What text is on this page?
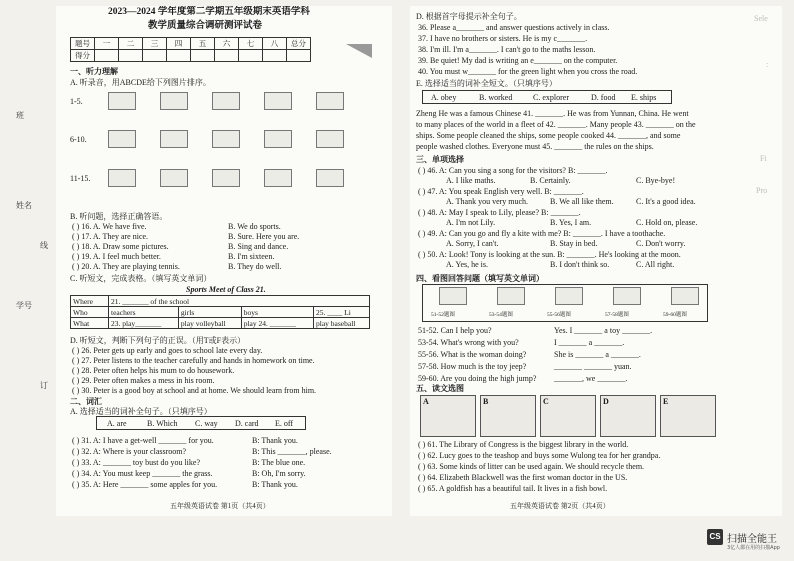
班
姓名
学号
线
订
2023—2024 学年度第二学期五年级期末英语学科
教学质量综合调研测评试卷
题号	一	二	三	四	五	六	七	八	总分
得分									
一、听力理解
A. 听录音，用ABCDE给下列图片排序。
1-5.
6-10.
11-15.
B. 听问题，选择正确答语。
( ) 16. A. We have five.	B. We do sports.
( ) 17. A. They are nice.	B. Sure. Here you are.
( ) 18. A. Draw some pictures.	B. Sing and dance.
( ) 19. A. I feel much better.	B. I'm sixteen.
( ) 20. A. They are playing tennis.	B. They do well.
C. 听短文，完成表格。（填写英文单词）
Sports Meet of Class 21.
Where	21. _______ of the school			
Who	teachers	girls	boys	25. ____ Li
What	23. play_______	play volleyball	play 24. _______	play baseball
D. 听短文，判断下列句子的正误。（用T或F表示）
( ) 26. Peter gets up early and goes to school late every day.
( ) 27. Peter listens to the teacher carefully and hands in homework on time.
( ) 28. Peter often helps his mum to do housework.
( ) 29. Peter often makes a mess in his room.
( ) 30. Peter is a good boy at school and at home. We should learn from him.
二、词汇
A. 选择适当的词补全句子。（只填序号）
A. are	B. Which C. way D. card E. off
( ) 31. A: I have a get-well _______ for you.	B: Thank you.
( ) 32. A: Where is your classroom?	B: This _______, please.
( ) 33. A: _______ toy bust do you like?	B: The blue one.
( ) 34. A: You must keep _______ the grass.	B: Oh, I'm sorry.
( ) 35. A: Here _______ some apples for you.	B: Thank you.
五年级英语试卷 第1页（共4页）
D. 根据首字母提示补全句子。
36. Please a_______ and answer questions actively in class.
37. I have no brothers or sisters. He is my c_______.
38. I'm ill. I'm a_______. I can't go to the maths lesson.
39. Be quiet! My dad is writing an e_______ on the computer.
40. You must w_______ for the green light when you cross the road.
E. 选择适当的词补全短文。（只填序号）
A. obey	B. worked	C. explorer	D. food E. ships
Zheng He was a famous Chinese 41. _______. He was from Yunnan, China. He went
to many places of the world in a fleet of 42. _______. Many people 43. _______ on the
ships. Some people cleaned the ships, some people cooked 44. _______, and some
people washed clothes. Everyone must 45. _______ the rules on the ships.
三、单项选择
( ) 46. A: Can you sing a song for the visitors? B: _______.
A. I like maths.	B. Certainly.	C. Bye-bye!
( ) 47. A: You speak English very well. B: _______.
A. Thank you very much.	B. We all like them.	C. It's a good idea.
( ) 48. A: May I speak to Lily, please? B: _______.
A. I'm not Lily.	B. Yes, I am.	C. Hold on, please.
( ) 49. A: Can you go and fly a kite with me? B: _______. I have a toothache.
A. Sorry, I can't.	B. Stay in bed.	C. Don't worry.
( ) 50. A: Look! Tony is looking at the sun. B: _______. He's looking at the moon.
A. Yes, he is.	B. I don't think so.	C. All right.
四、看图回答问题（填写英文单词）
51-52题图	53-54题图	55-56题图	57-58题图	59-60题图
51-52. Can I help you?	Yes. I _______ a toy _______.
53-54. What's wrong with you?	I _______ a _______.
55-56. What is the woman doing?	She is _______ a _______.
57-58. How much is the toy jeep?	_______ _______ yuan.
59-60. Are you doing the high jump? _______, we _______.
五、读文选图
A	B	C	D	E
( ) 61. The Library of Congress is the biggest library in the world.
( ) 62. Lucy goes to the teashop and buys some Wulong tea for her grandpa.
( ) 63. Some kinds of litter can be used again. We should recycle them.
( ) 64. Elizabeth Blackwell was the first woman doctor in the US.
( ) 65. A goldfish has a beautiful tail. It lives in a fish bowl.
五年级英语试卷 第2页（共4页）
Sele
:
Fi
Pro
CS 扫描全能王
3亿人都在用的扫描App
